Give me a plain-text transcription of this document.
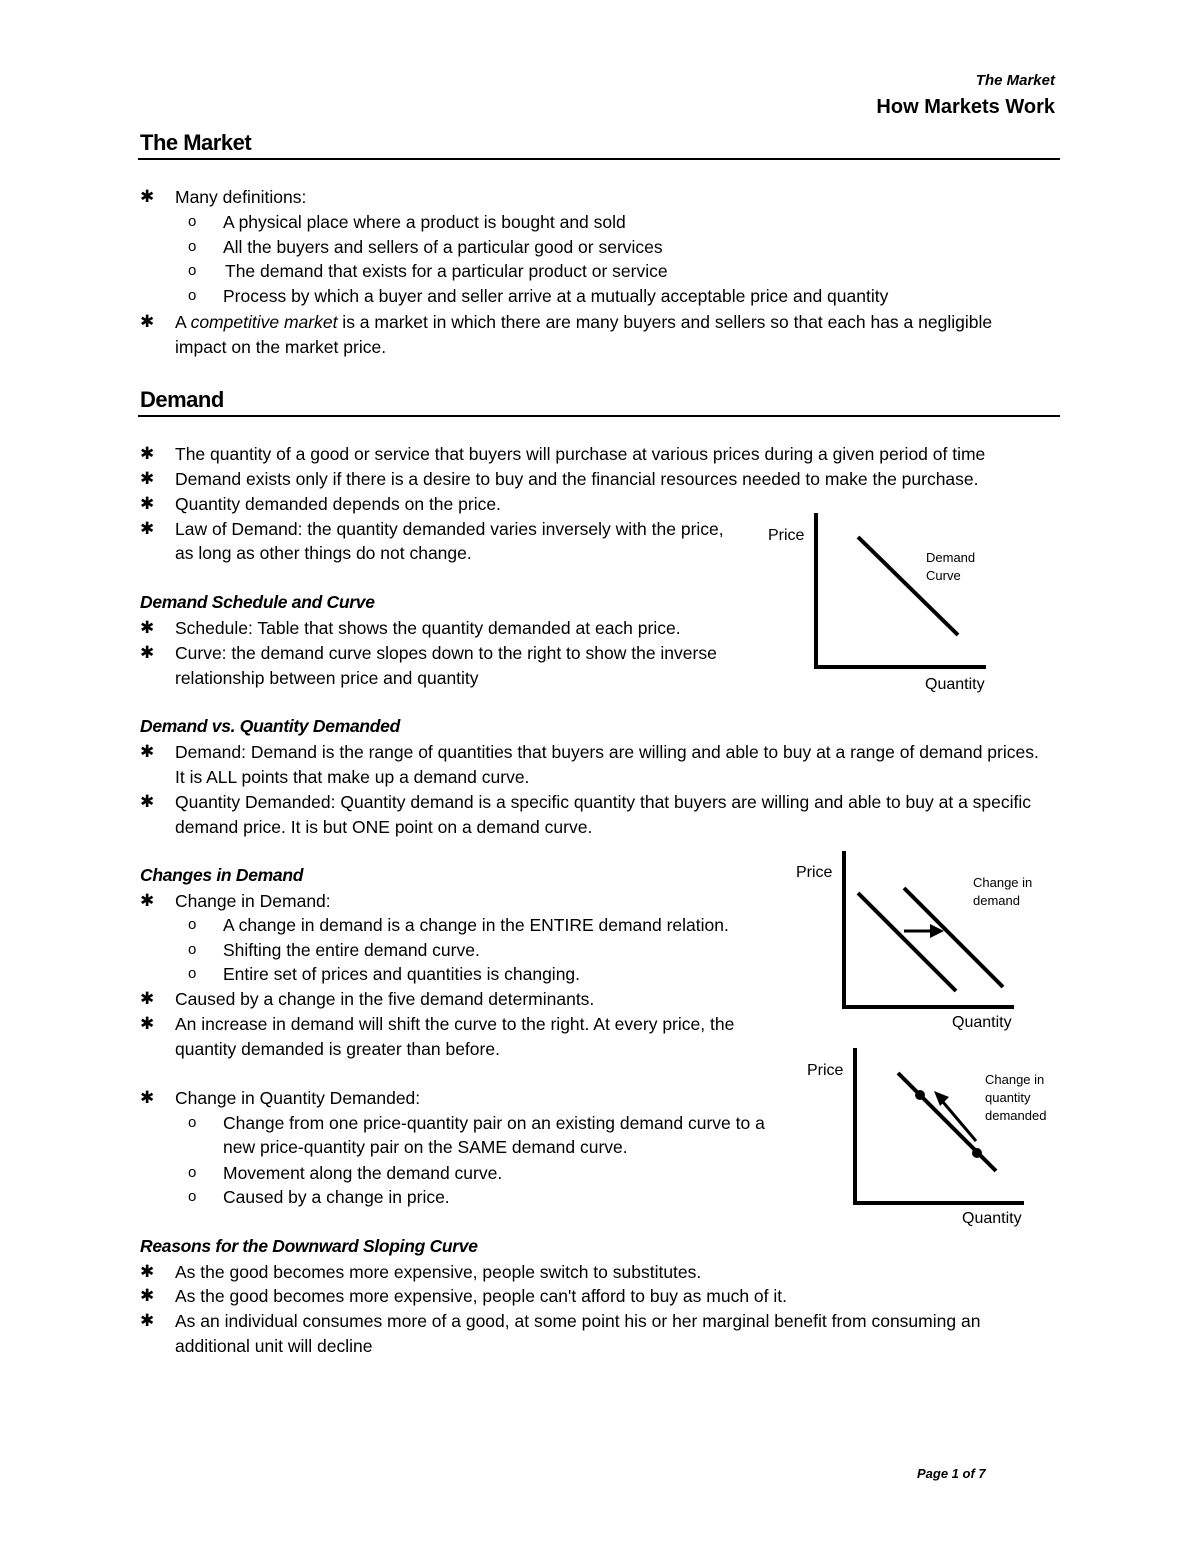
The Market
How Markets Work
The Market
✱ Many definitions:
o A physical place where a product is bought and sold
o All the buyers and sellers of a particular good or services
o The demand that exists for a particular product or service
o Process by which a buyer and seller arrive at a mutually acceptable price and quantity
✱ A competitive market is a market in which there are many buyers and sellers so that each has a negligible
impact on the market price.
Demand
✱ The quantity of a good or service that buyers will purchase at various prices during a given period of time
✱ Demand exists only if there is a desire to buy and the financial resources needed to make the purchase.
✱ Quantity demanded depends on the price.
✱ Law of Demand: the quantity demanded varies inversely with the price,
as long as other things do not change.
Demand Schedule and Curve
✱ Schedule: Table that shows the quantity demanded at each price.
✱ Curve: the demand curve slopes down to the right to show the inverse
relationship between price and quantity
Price
Quantity
Demand
Curve
Demand vs. Quantity Demanded
✱ Demand: Demand is the range of quantities that buyers are willing and able to buy at a range of demand prices.
It is ALL points that make up a demand curve.
✱ Quantity Demanded: Quantity demand is a specific quantity that buyers are willing and able to buy at a specific
demand price. It is but ONE point on a demand curve.
Changes in Demand
✱ Change in Demand:
o A change in demand is a change in the ENTIRE demand relation.
o Shifting the entire demand curve.
o Entire set of prices and quantities is changing.
✱ Caused by a change in the five demand determinants.
✱ An increase in demand will shift the curve to the right. At every price, the
quantity demanded is greater than before.
✱ Change in Quantity Demanded:
o Change from one price-quantity pair on an existing demand curve to a
new price-quantity pair on the SAME demand curve.
o Movement along the demand curve.
o Caused by a change in price.
Price
Quantity
Change in
demand
Price
Quantity
Change in
quantity
demanded
Reasons for the Downward Sloping Curve
✱ As the good becomes more expensive, people switch to substitutes.
✱ As the good becomes more expensive, people can't afford to buy as much of it.
✱ As an individual consumes more of a good, at some point his or her marginal benefit from consuming an
additional unit will decline
Page 1 of 7
